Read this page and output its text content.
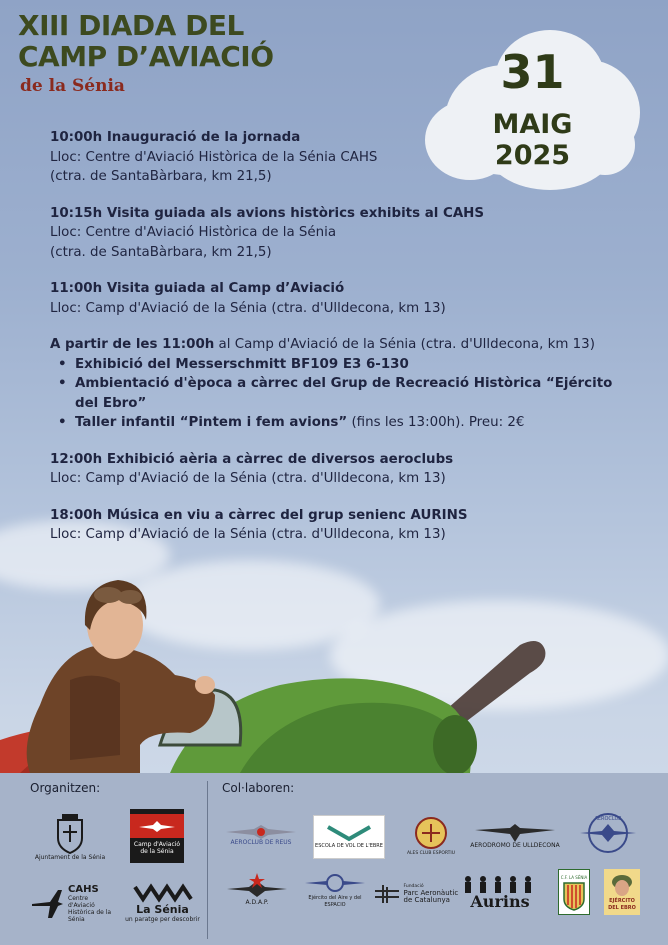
XIII DIADA DEL
CAMP D’AVIACIÓ
de la Sénia	31
MAIG
2025
10:00h Inauguració de la jornada
Lloc: Centre d'Aviació Històrica de la Sénia CAHS
(ctra. de SantaBàrbara, km 21,5)
10:15h Visita guiada als avions històrics exhibits al CAHS
Lloc: Centre d'Aviació Històrica de la Sénia
(ctra. de SantaBàrbara, km 21,5)
11:00h Visita guiada al Camp d’Aviació
Lloc: Camp d'Aviació de la Sénia (ctra. d'Ulldecona, km 13)
A partir de les 11:00h al Camp d'Aviació de la Sénia (ctra. d'Ulldecona, km 13)
• Exhibició del Messerschmitt BF109 E3 6-130
• Ambientació d'època a càrrec del Grup de Recreació Històrica “Ejército del Ebro”
• Taller infantil “Pintem i fem avions” (fins les 13:00h). Preu: 2€
12:00h Exhibició aèria a càrrec de diversos aeroclubs
Lloc: Camp d'Aviació de la Sénia (ctra. d'Ulldecona, km 13)
18:00h Música en viu a càrrec del grup senienc AURINS
Lloc: Camp d'Aviació de la Sénia (ctra. d'Ulldecona, km 13)
Organitzen:	Col·laboren:
Ajuntament de la Sénia
Camp d'Aviació de la Sénia
CAHS
Centre d'Aviació Històrica de la Sénia
La Sénia
un paratge per descobrir
AEROCLUB DE REUS	ESCOLA DE VOL DE L'EBRE
ALES CLUB ESPORTIU
AERODROMO DE ULLDECONA
AEROCLUB
A.D.A.P.
Ejército del Aire y del ESPACIO
Fundació
Parc Aeronàutic de Catalunya	Aurins
C.F. LA SÉNIA
EJÉRCITO DEL EBRO
